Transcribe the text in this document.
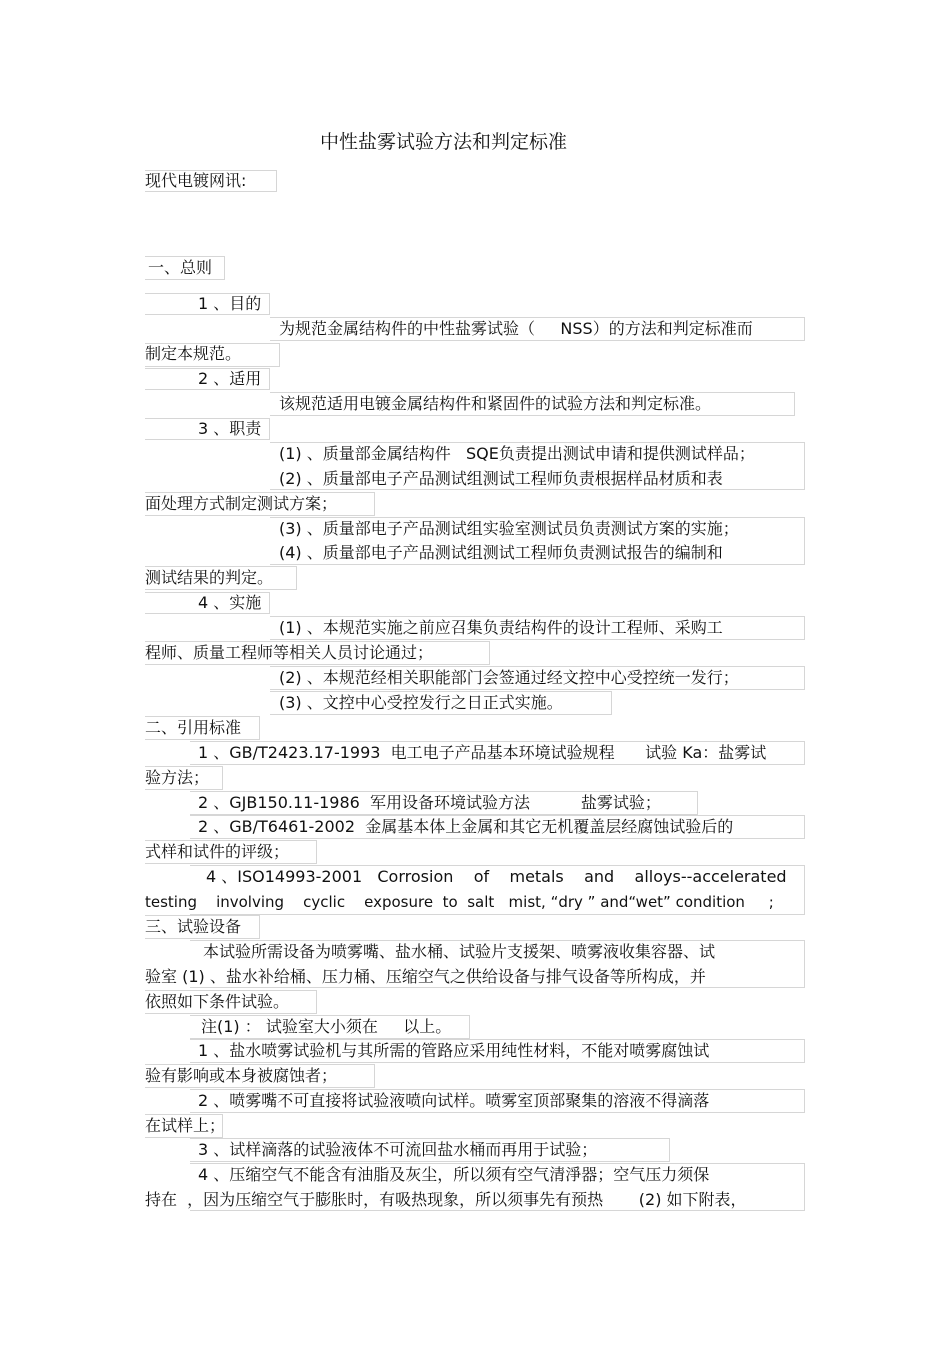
中性盐雾试验方法和判定标准
现代电镀网讯:
一、总则
1 、目的
为规范金属结构件的中性盐雾试验（     NSS）的方法和判定标准而
制定本规范。
2 、适用
该规范适用电镀金属结构件和紧固件的试验方法和判定标准。
3 、职责
(1) 、质量部金属结构件   SQE负责提出测试申请和提供测试样品；
(2) 、质量部电子产品测试组测试工程师负责根据样品材质和表
面处理方式制定测试方案；
(3) 、质量部电子产品测试组实验室测试员负责测试方案的实施；
(4) 、质量部电子产品测试组测试工程师负责测试报告的编制和
测试结果的判定。
4 、实施
(1) 、本规范实施之前应召集负责结构件的设计工程师、采购工
程师、质量工程师等相关人员讨论通过；
(2) 、本规范经相关职能部门会签通过经文控中心受控统一发行；
(3) 、文控中心受控发行之日正式实施。
二、引用标准
1 、GB/T2423.17-1993  电工电子产品基本环境试验规程      试验 Ka：盐雾试
验方法；
2 、GJB150.11-1986  军用设备环境试验方法          盐雾试验；
2 、GB/T6461-2002  金属基本体上金属和其它无机覆盖层经腐蚀试验后的
式样和试件的评级；
4 、ISO14993-2001   Corrosion    of    metals    and    alloys--accelerated
testing    involving    cyclic    exposure  to  salt   mist, “dry ” and“wet” condition     ;
三、试验设备
本试验所需设备为喷雾嘴、盐水桶、试验片支援架、喷雾液收集容器、试
验室 (1) 、盐水补给桶、压力桶、压缩空气之供给设备与排气设备等所构成，并
依照如下条件试验。
注(1) ： 试验室大小须在     以上。
1 、盐水喷雾试验机与其所需的管路应采用纯性材料，不能对喷雾腐蚀试
验有影响或本身被腐蚀者；
2 、喷雾嘴不可直接将试验液喷向试样。喷雾室顶部聚集的溶液不得滴落
在试样上；
3 、试样滴落的试验液体不可流回盐水桶而再用于试验；
4 、压缩空气不能含有油脂及灰尘，所以须有空气清淨器；空气压力须保
持在  ，因为压缩空气于膨胀时，有吸热现象，所以须事先有预热       (2) 如下附表，
